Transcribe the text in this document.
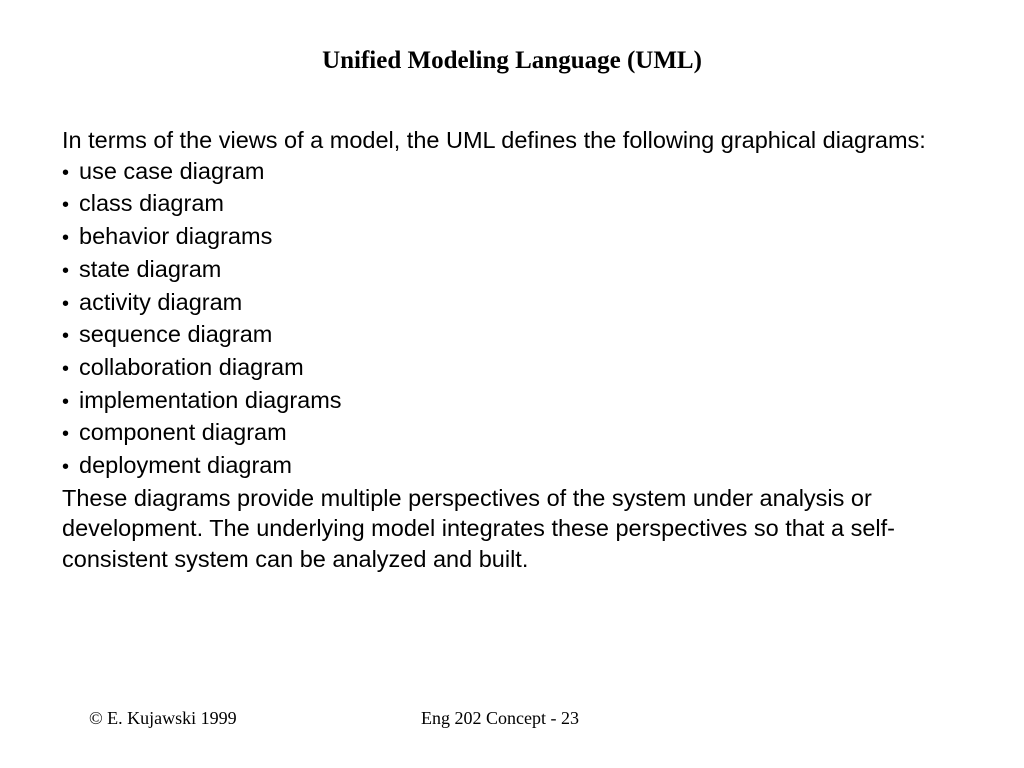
Unified Modeling Language (UML)

In terms of the views of a model, the UML defines the following graphical diagrams:

• use case diagram
• class diagram
• behavior diagrams
• state diagram
• activity diagram
• sequence diagram
• collaboration diagram
• implementation diagrams
• component diagram
• deployment diagram

These diagrams provide multiple perspectives of the system under analysis or development. The underlying model integrates these perspectives so that a self-consistent system can be analyzed and built.

© E. Kujawski 1999	Eng 202 Concept - 23
